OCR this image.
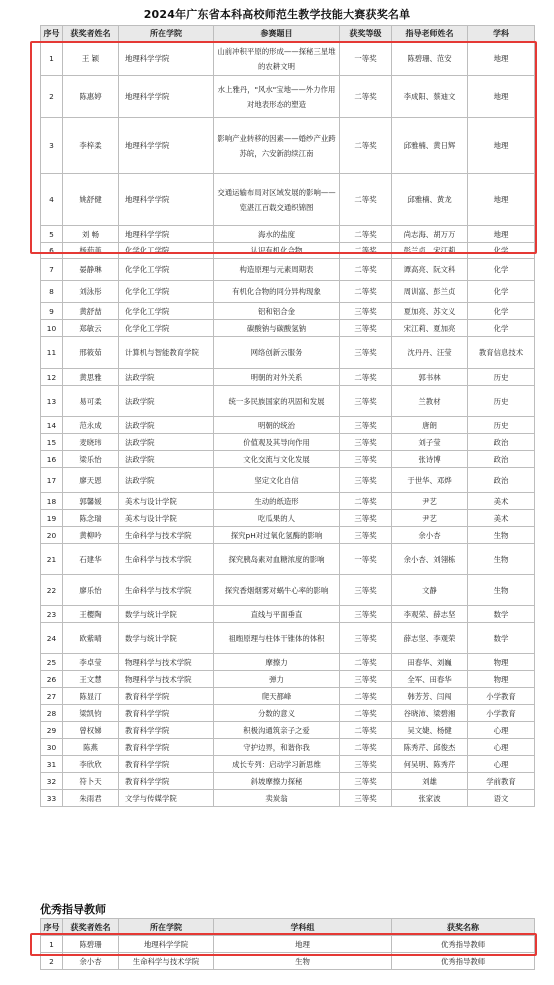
2024年广东省本科高校师范生教学技能大赛获奖名单
序号	获奖者姓名	所在学院	参赛题目	获奖等级	指导老师姓名	学科
1	王 颖	地理科学学院	山前冲积平原的形成——探秘三星堆的农耕文明	一等奖	陈碧珊、范安	地理
2	陈惠婷	地理科学学院	水上雅丹，"风水"宝地——外力作用对地表形态的塑造	二等奖	李成阳、蔡迪文	地理
3	李梓柔	地理科学学院	影响产业转移的因素——婚纱产业跨苏皖，六安新韵续江南	二等奖	邱雅楠、黄日辉	地理
4	姚舒健	地理科学学院	交通运输布局对区域发展的影响——览湛江百载交通织锦图	二等奖	邱雅楠、黄龙	地理
5	刘 畅	地理科学学院	海水的盐度	二等奖	尚志海、胡万万	地理
6	杨茹菲	化学化工学院	认识有机化合物	二等奖	彭兰贞、宋江莉	化学
7	晏静琳	化学化工学院	构造原理与元素周期表	二等奖	谭高亮、阮文科	化学
8	刘泳彤	化学化工学院	有机化合物的同分异构现象	二等奖	周训富、彭兰贞	化学
9	黄舒喆	化学化工学院	铝和铝合金	三等奖	夏加亮、苏文义	化学
10	郑敏云	化学化工学院	碳酸钠与碳酸氢钠	三等奖	宋江莉、夏加亮	化学
11	邢筱茹	计算机与智能教育学院	网络创新云服务	三等奖	沈丹丹、汪莹	教育信息技术
12	黄思雅	法政学院	明朝的对外关系	二等奖	郭书林	历史
13	易可柔	法政学院	统一多民族国家的巩固和发展	三等奖	兰教材	历史
14	范永成	法政学院	明朝的统治	三等奖	唐朗	历史
15	麦晓玮	法政学院	价值观及其导向作用	三等奖	刘子莹	政治
16	梁乐怡	法政学院	文化交流与文化发展	三等奖	张诗博	政治
17	廖天恩	法政学院	坚定文化自信	三等奖	于世华、邓烨	政治
18	郭馨媛	美术与设计学院	生动的纸造形	二等奖	尹艺	美术
19	陈念瑞	美术与设计学院	吃瓜果的人	三等奖	尹艺	美术
20	黄柳吟	生命科学与技术学院	探究pH对过氧化氢酶的影响	三等奖	余小杏	生物
21	石建华	生命科学与技术学院	探究胰岛素对血糖浓度的影响	一等奖	余小杏、刘翎栋	生物
22	廖乐怡	生命科学与技术学院	探究香烟烟雾对蜗牛心率的影响	三等奖	文静	生物
23	王樱陶	数学与统计学院	直线与平面垂直	三等奖	李观荣、薛志坚	数学
24	欧紫晴	数学与统计学院	祖暅原理与柱体干锥体的体积	三等奖	薛志坚、李观荣	数学
25	李卓莹	物理科学与技术学院	摩擦力	二等奖	田春华、刘巍	物理
26	王文慧	物理科学与技术学院	弹力	三等奖	全军、田春华	物理
27	陈显汀	教育科学学院	爬天都峰	二等奖	韩芳芳、闫闯	小学教育
28	梁凯钧	教育科学学院	分数的意义	二等奖	谷晓沛、梁碧湘	小学教育
29	曾权娣	教育科学学院	积极沟通筑亲子之爱	二等奖	吴文婕、杨健	心理
30	陈燕	教育科学学院	守护边界，和谐你我	二等奖	陈秀芹、邱俊杰	心理
31	李欣欣	教育科学学院	成长专列：启动学习新思维	三等奖	何吴明、陈秀芹	心理
32	符卜天	教育科学学院	斜坡摩擦力探秘	三等奖	刘雄	学前教育
33	朱雨君	文学与传媒学院	卖炭翁	三等奖	张家波	语文
优秀指导教师
序号	获奖者姓名	所在学院	学科组	获奖名称
1	陈碧珊	地理科学学院	地理	优秀指导教师
2	余小杏	生命科学与技术学院	生物	优秀指导教师
